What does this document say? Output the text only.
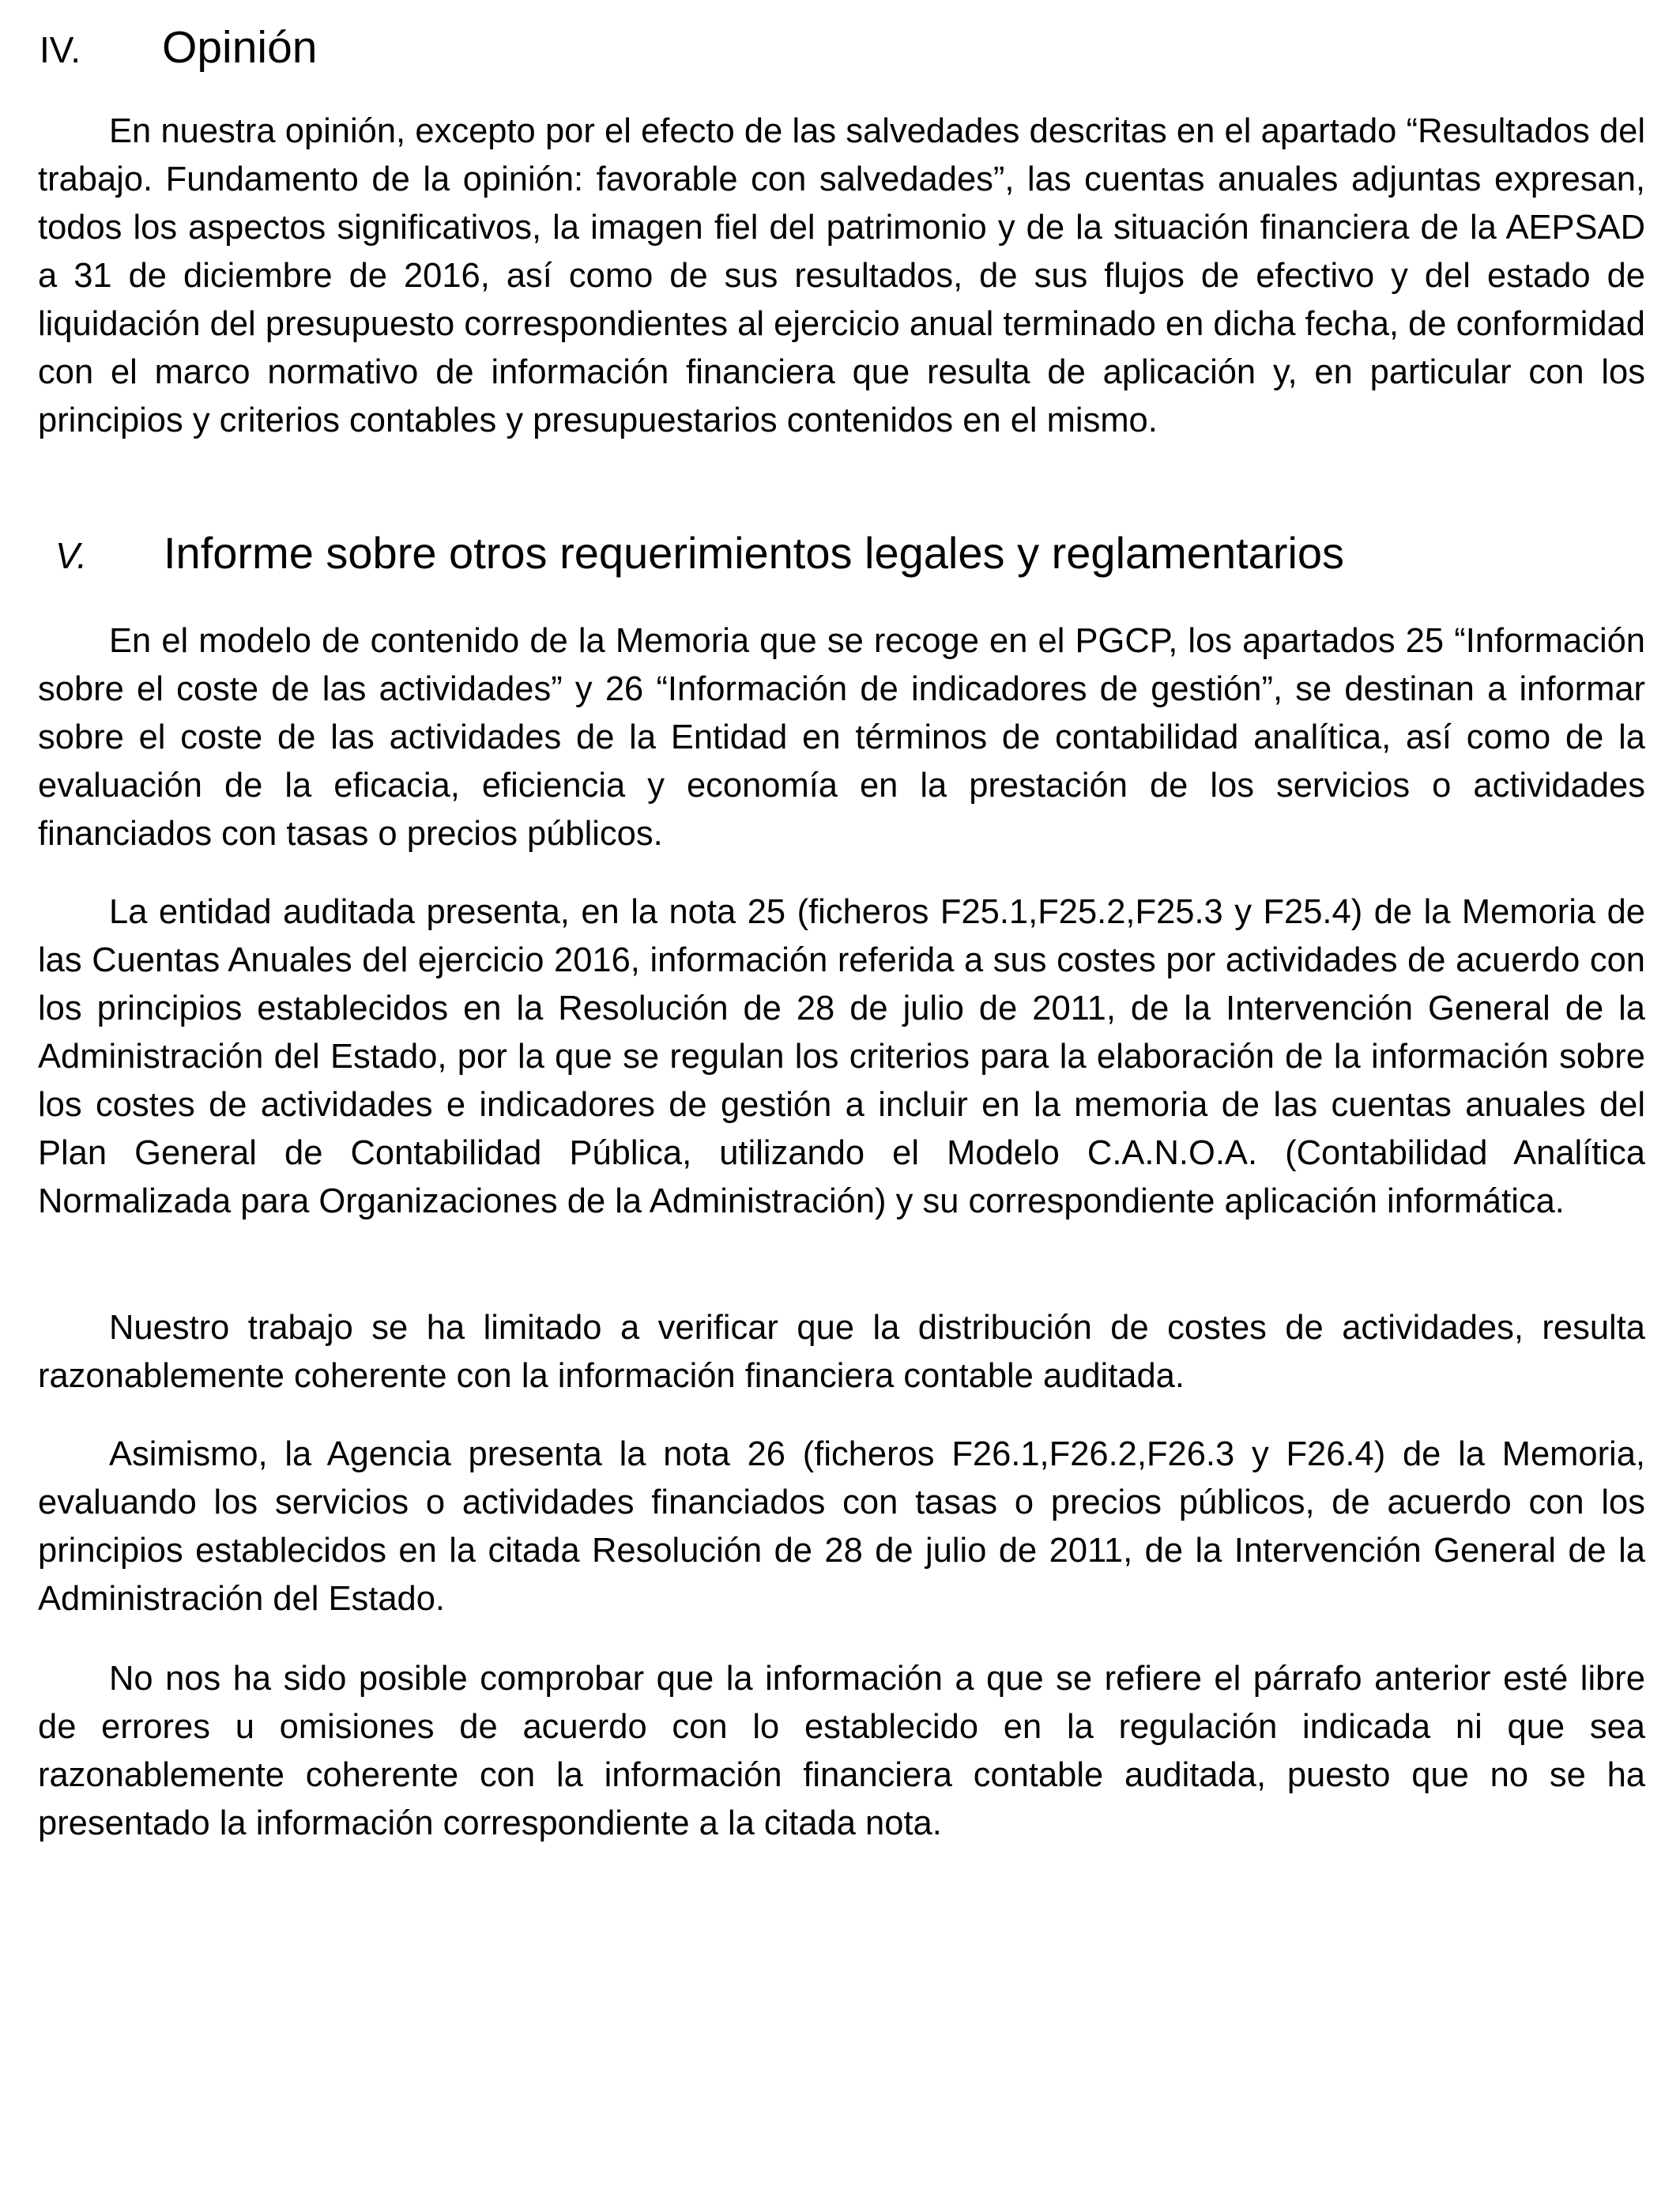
IV. Opinión

En nuestra opinión, excepto por el efecto de las salvedades descritas en el apartado “Resultados del trabajo. Fundamento de la opinión: favorable con salvedades”, las cuentas anuales adjuntas expresan, todos los aspectos significativos, la imagen fiel del patrimonio y de la situación financiera de la AEPSAD a 31 de diciembre de 2016, así como de sus resultados, de sus flujos de efectivo y del estado de liquidación del presupuesto correspondientes al ejercicio anual terminado en dicha fecha, de conformidad con el marco normativo de información financiera que resulta de aplicación y, en particular con los principios y criterios contables y presupuestarios contenidos en el mismo.

V. Informe sobre otros requerimientos legales y reglamentarios

En el modelo de contenido de la Memoria que se recoge en el PGCP, los apartados 25 “Información sobre el coste de las actividades” y 26 “Información de indicadores de gestión”, se destinan a informar sobre el coste de las actividades de la Entidad en términos de contabilidad analítica, así como de la evaluación de la eficacia, eficiencia y economía en la prestación de los servicios o actividades financiados con tasas o precios públicos.

La entidad auditada presenta, en la nota 25 (ficheros F25.1,F25.2,F25.3 y F25.4) de la Memoria de las Cuentas Anuales del ejercicio 2016, información referida a sus costes por actividades de acuerdo con los principios establecidos en la Resolución de 28 de julio de 2011, de la Intervención General de la Administración del Estado, por la que se regulan los criterios para la elaboración de la información sobre los costes de actividades e indicadores de gestión a incluir en la memoria de las cuentas anuales del Plan General de Contabilidad Pública, utilizando el Modelo C.A.N.O.A. (Contabilidad Analítica Normalizada para Organizaciones de la Administración) y su correspondiente aplicación informática.

Nuestro trabajo se ha limitado a verificar que la distribución de costes de actividades, resulta razonablemente coherente con la información financiera contable auditada.

Asimismo, la Agencia presenta la nota 26 (ficheros F26.1,F26.2,F26.3 y F26.4) de la Memoria, evaluando los servicios o actividades financiados con tasas o precios públicos, de acuerdo con los principios establecidos en la citada Resolución de 28 de julio de 2011, de la Intervención General de la Administración del Estado.

No nos ha sido posible comprobar que la información a que se refiere el párrafo anterior esté libre de errores u omisiones de acuerdo con lo establecido en la regulación indicada ni que sea razonablemente coherente con la información financiera contable auditada, puesto que no se ha presentado la información correspondiente a la citada nota.
